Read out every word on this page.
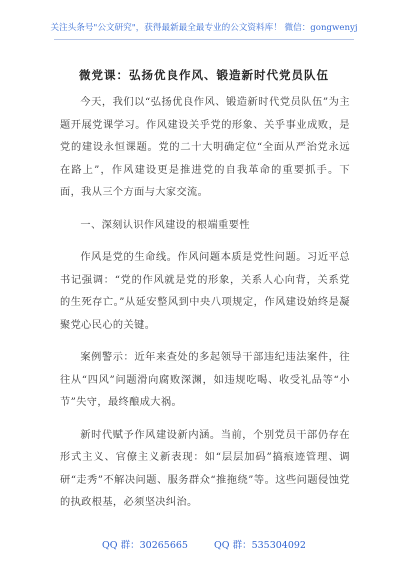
关注头条号"公文研究"，获得最新最全最专业的公文资料库！ 微信：gongwenyj
微党课：弘扬优良作风、锻造新时代党员队伍

今天，我们以“弘扬优良作风、锻造新时代党员队伍”为主题开展党课学习。作风建设关乎党的形象、关乎事业成败，是党的建设永恒课题。党的二十大明确定位“全面从严治党永远在路上”，作风建设更是推进党的自我革命的重要抓手。下面，我从三个方面与大家交流。

一、深刻认识作风建设的根端重要性

作风是党的生命线。作风问题本质是党性问题。习近平总书记强调：“党的作风就是党的形象，关系人心向背，关系党的生死存亡。”从延安整风到中央八项规定，作风建设始终是凝聚党心民心的关键。

案例警示：近年来查处的多起领导干部违纪违法案件，往往从“四风”问题滑向腐败深渊，如违规吃喝、收受礼品等“小节”失守，最终酿成大祸。

新时代赋予作风建设新内涵。当前，个别党员干部仍存在形式主义、官僚主义新表现：如“层层加码”搞痕迹管理、调研“走秀”不解决问题、服务群众“推拖绕”等。这些问题侵蚀党的执政根基，必须坚决纠治。

QQ 群：30265665	QQ 群：535304092
